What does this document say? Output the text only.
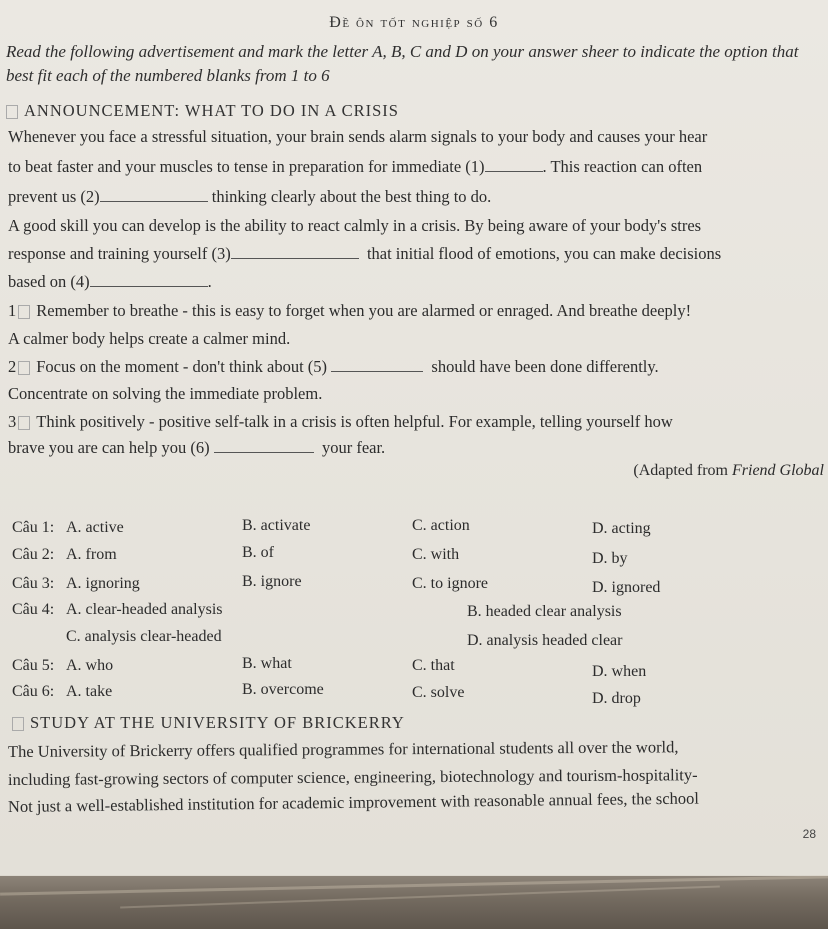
Đề ôn tốt nghiệp số 6
Read the following advertisement and mark the letter A, B, C and D on your answer sheer to indicate the option that best fit each of the numbered blanks from 1 to 6
ANNOUNCEMENT: WHAT TO DO IN A CRISIS
Whenever you face a stressful situation, your brain sends alarm signals to your body and causes your hear
to beat faster and your muscles to tense in preparation for immediate (1)	. This reaction can often
prevent us (2)	thinking clearly about the best thing to do.
A good skill you can develop is the ability to react calmly in a crisis. By being aware of your body's stres
response and training yourself (3)	that initial flood of emotions, you can make decisions
based on (4)	.
1 Remember to breathe - this is easy to forget when you are alarmed or enraged. And breathe deeply!
A calmer body helps create a calmer mind.
2 Focus on the moment - don't think about (5)	should have been done differently.
Concentrate on solving the immediate problem.
3 Think positively - positive self-talk in a crisis is often helpful. For example, telling yourself how
brave you are can help you (6)	your fear.
(Adapted from Friend Global
Câu 1: A. active	B. activate	C. action	D. acting
Câu 2: A. from	B. of	C. with	D. by
Câu 3: A. ignoring	B. ignore	C. to ignore	D. ignored
Câu 4: A. clear-headed analysis	B. headed clear analysis
C. analysis clear-headed	D. analysis headed clear
Câu 5: A. who	B. what	C. that	D. when
Câu 6: A. take	B. overcome	C. solve	D. drop
STUDY AT THE UNIVERSITY OF BRICKERRY
The University of Brickerry offers qualified programmes for international students all over the world,
including fast-growing sectors of computer science, engineering, biotechnology and tourism-hospitality-
Not just a well-established institution for academic improvement with reasonable annual fees, the school
28
